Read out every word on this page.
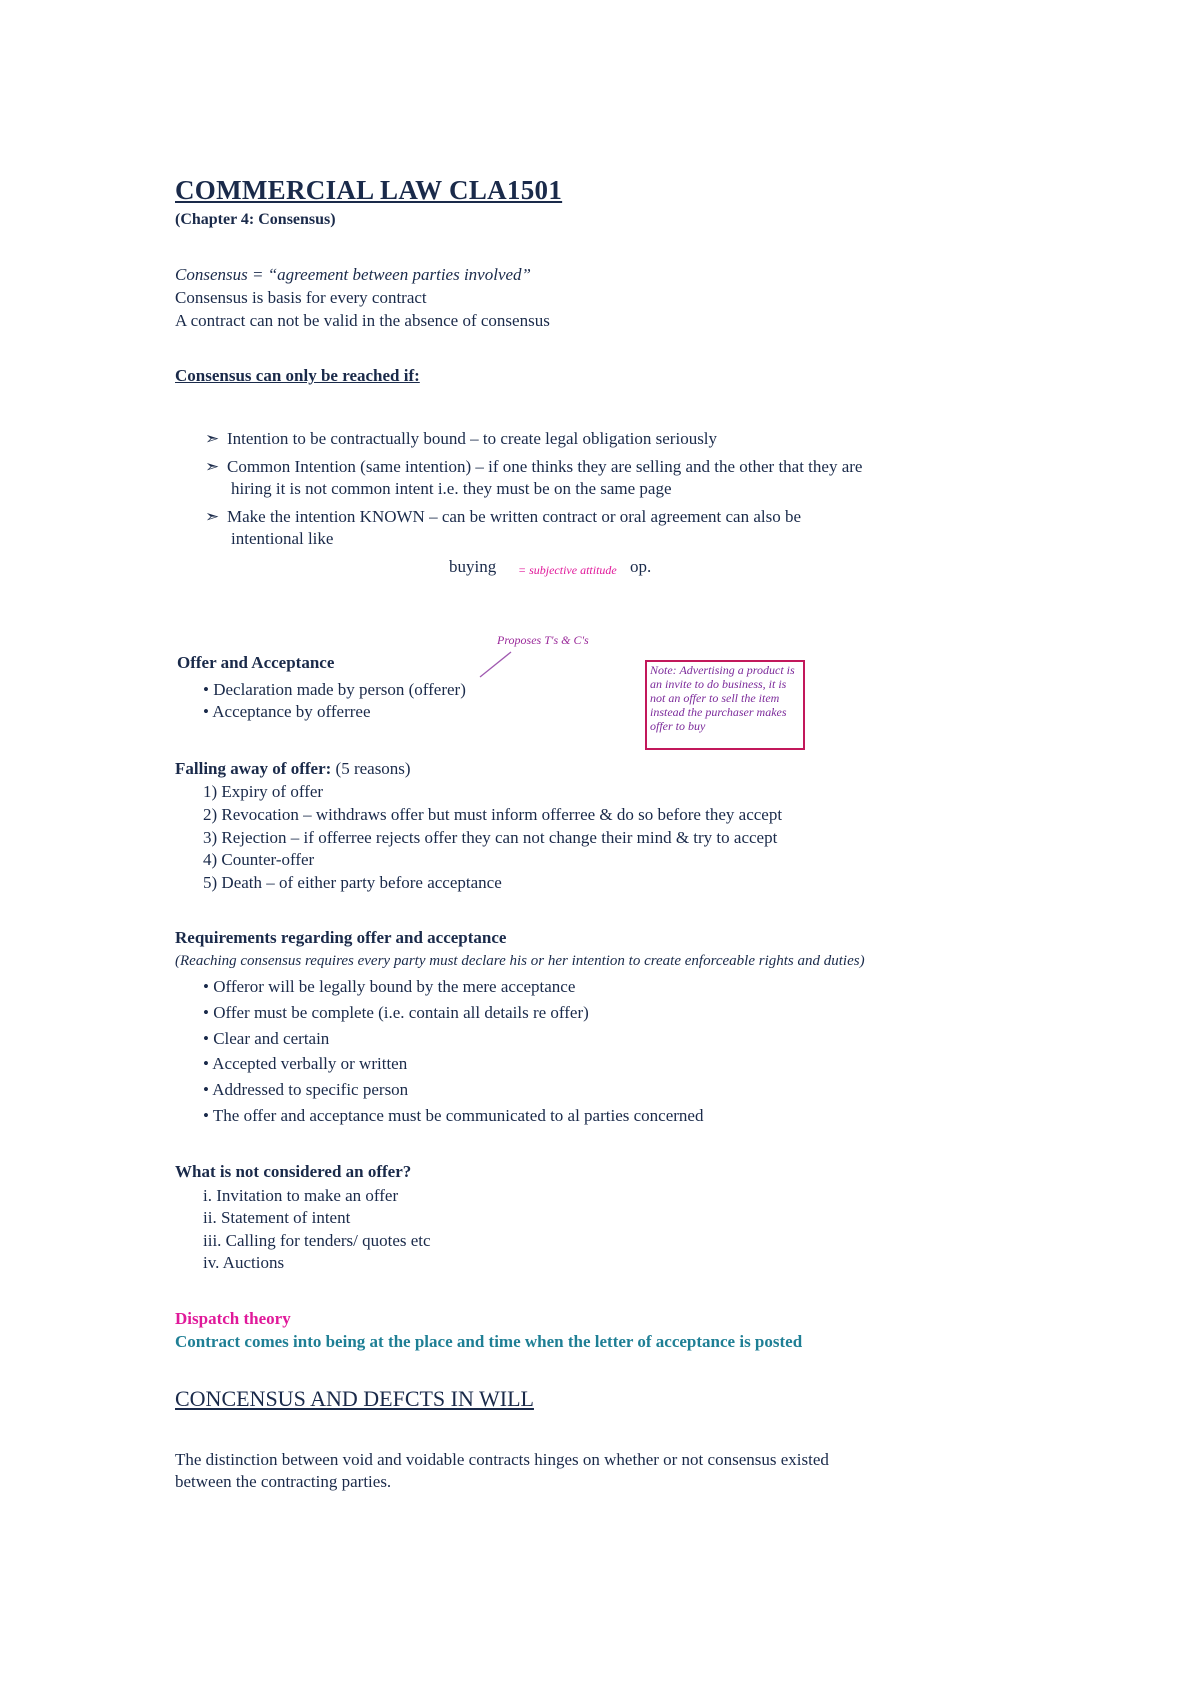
COMMERCIAL LAW CLA1501
(Chapter 4: Consensus)
Consensus = “agreement between parties involved”
Consensus is basis for every contract
A contract can not be valid in the absence of consensus
Consensus can only be reached if:
➣ Intention to be contractually bound – to create legal obligation seriously
➣ Common Intention (same intention) – if one thinks they are selling and the other that they are
hiring it is not common intent i.e. they must be on the same page
➣ Make the intention KNOWN – can be written contract or oral agreement can also be
intentional like
buying = subjective attitude op.
Proposes T's & C's
Offer and Acceptance
• Declaration made by person (offerer)
• Acceptance by offerree
Note: Advertising a product is an invite to do business, it is not an offer to sell the item instead the purchaser makes offer to buy
Falling away of offer: (5 reasons)
1) Expiry of offer
2) Revocation – withdraws offer but must inform offerree & do so before they accept
3) Rejection – if offerree rejects offer they can not change their mind & try to accept
4) Counter-offer
5) Death – of either party before acceptance
Requirements regarding offer and acceptance
(Reaching consensus requires every party must declare his or her intention to create enforceable rights and duties)
• Offeror will be legally bound by the mere acceptance
• Offer must be complete (i.e. contain all details re offer)
• Clear and certain
• Accepted verbally or written
• Addressed to specific person
• The offer and acceptance must be communicated to al parties concerned
What is not considered an offer?
i. Invitation to make an offer
ii. Statement of intent
iii. Calling for tenders/ quotes etc
iv. Auctions
Dispatch theory
Contract comes into being at the place and time when the letter of acceptance is posted
CONCENSUS AND DEFCTS IN WILL
The distinction between void and voidable contracts hinges on whether or not consensus existed
between the contracting parties.
